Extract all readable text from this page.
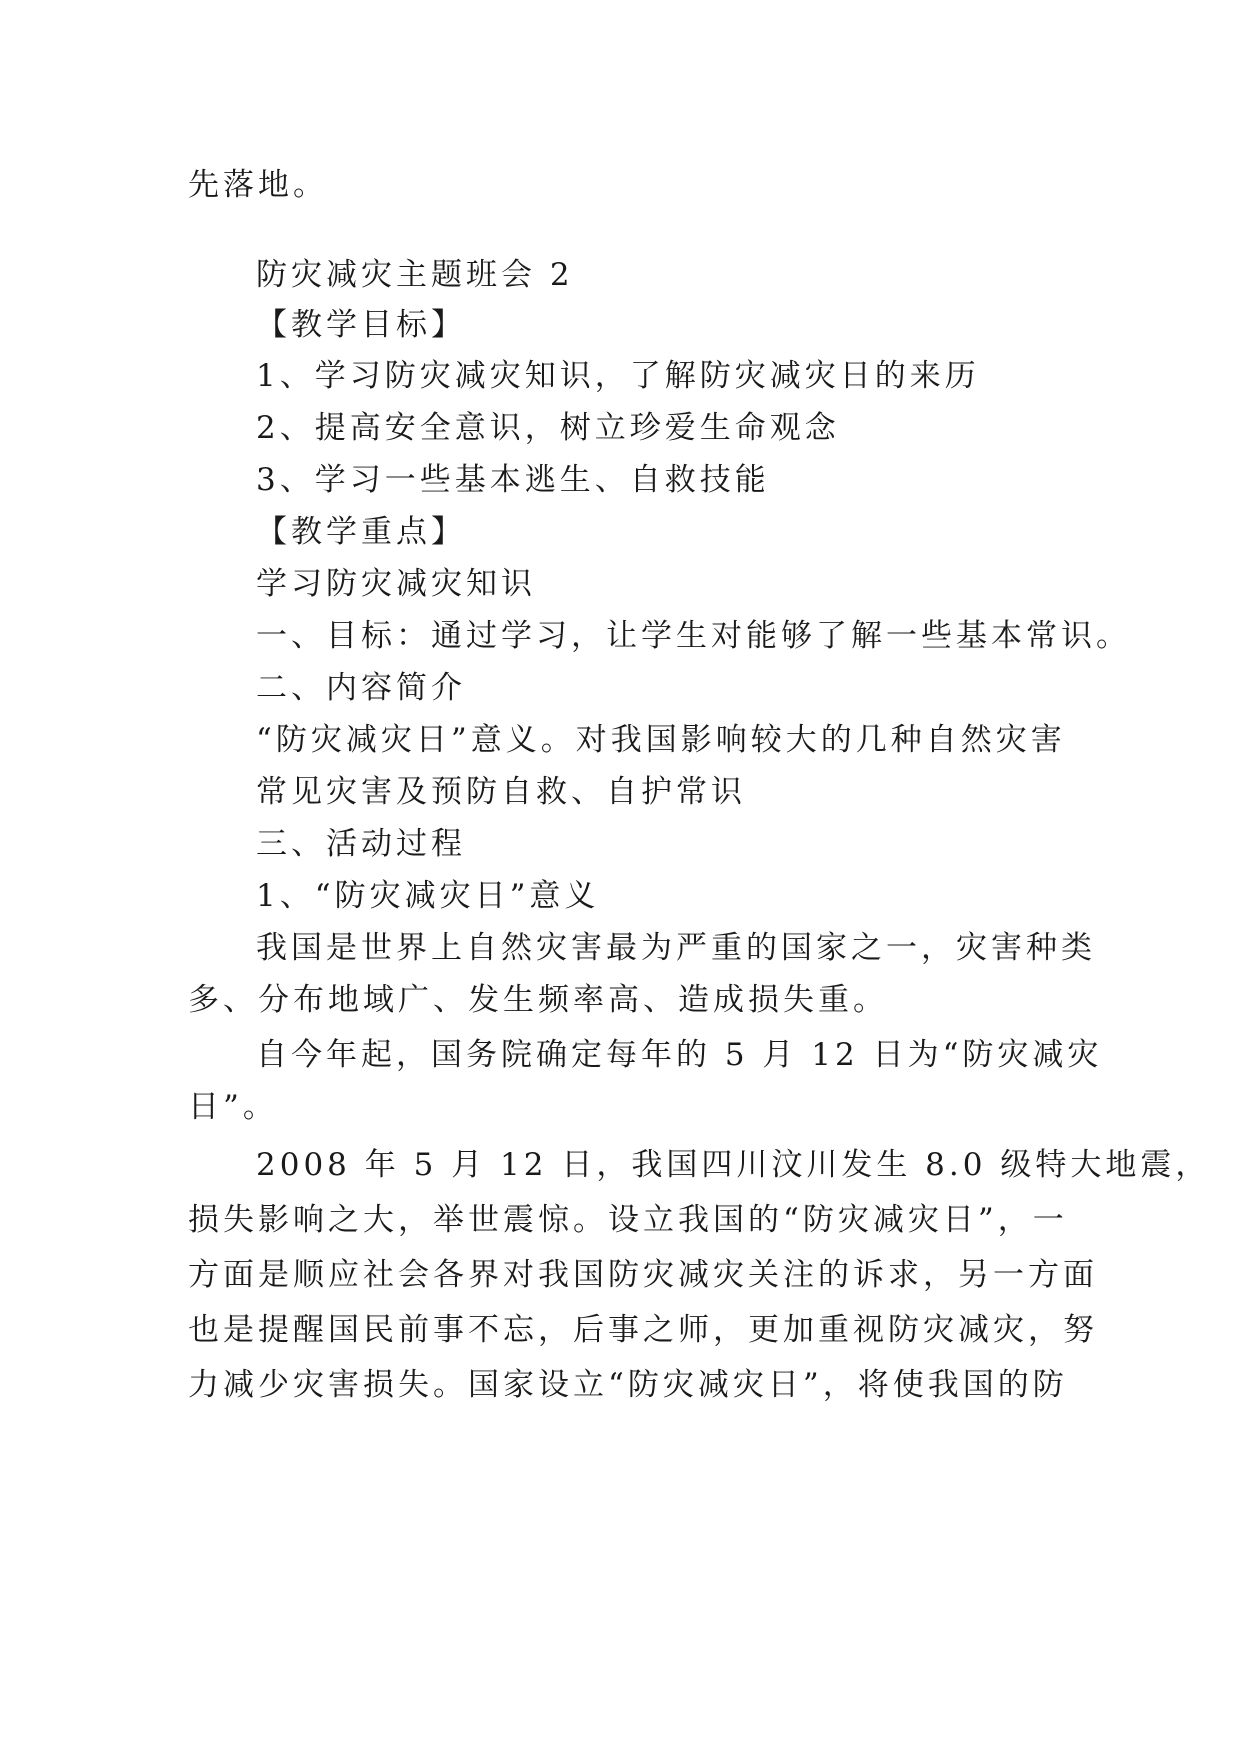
先落地。
防灾减灾主题班会 2
【教学目标】
1、学习防灾减灾知识，了解防灾减灾日的来历
2、提高安全意识，树立珍爱生命观念
3、学习一些基本逃生、自救技能
【教学重点】
学习防灾减灾知识
一、目标：通过学习，让学生对能够了解一些基本常识。
二、内容简介
“防灾减灾日”意义。对我国影响较大的几种自然灾害
常见灾害及预防自救、自护常识
三、活动过程
1、“防灾减灾日”意义
我国是世界上自然灾害最为严重的国家之一，灾害种类
多、分布地域广、发生频率高、造成损失重。
自今年起，国务院确定每年的 5 月 12 日为“防灾减灾
日”。
2008 年 5 月 12 日，我国四川汶川发生 8.0 级特大地震，
损失影响之大，举世震惊。设立我国的“防灾减灾日”，一
方面是顺应社会各界对我国防灾减灾关注的诉求，另一方面
也是提醒国民前事不忘，后事之师，更加重视防灾减灾，努
力减少灾害损失。国家设立“防灾减灾日”，将使我国的防
